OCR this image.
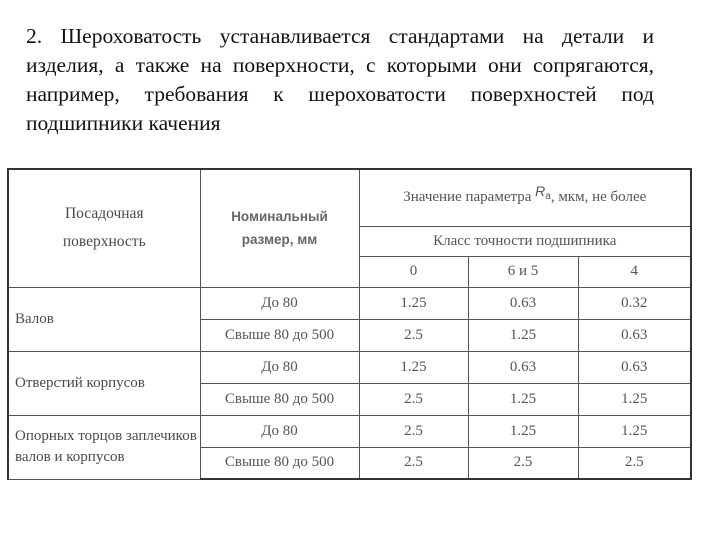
2. Шероховатость устанавливается стандартами на детали и изделия, а также на поверхности, с которыми они сопрягаются, например, требования к шероховатости поверхностей под подшипники качения

Посадочная поверхность	Номинальный размер, мм	Значение параметра $R_a$, мкм, не более		
		Класс точности подшипника		
		0	6 и 5	4
Валов	До 80	1.25	0.63	0.32
	Свыше 80 до 500	2.5	1.25	0.63
Отверстий корпусов	До 80	1.25	0.63	0.63
	Свыше 80 до 500	2.5	1.25	1.25
Опорных торцов заплечиков валов и корпусов	До 80	2.5	1.25	1.25
	Свыше 80 до 500	2.5	2.5	2.5
